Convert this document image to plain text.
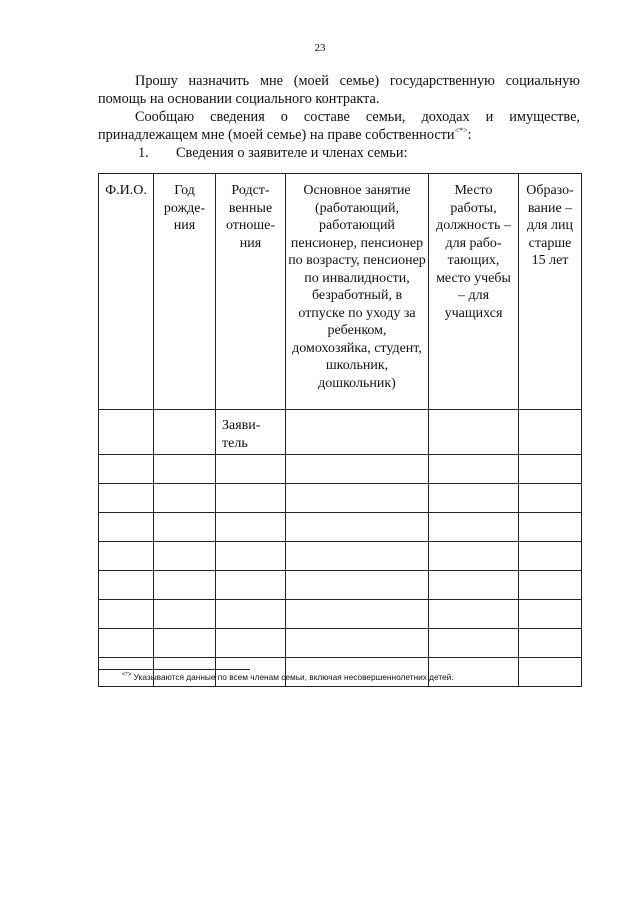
23
Прошу назначить мне (моей семье) государственную социальную помощь на основании социального контракта.
Сообщаю сведения о составе семьи, доходах и имуществе, принадлежащем мне (моей семье) на праве собственности<*>:
1. Сведения о заявителе и членах семьи:
Ф.И.О.	Год рожде-ния	Родст-венные отноше-ния	Основное занятие (работающий, работающий пенсионер, пенсионер по возрасту, пенсионер по инвалидности, безработный, в отпуске по уходу за ребенком, домохозяйка, студент, школьник, дошкольник)	Место работы, должность – для рабо-тающих, место учебы – для учащихся	Образо-вание – для лиц старше 15 лет

		Заяви-тель			

<*> Указываются данные по всем членам семьи, включая несовершеннолетних детей.
